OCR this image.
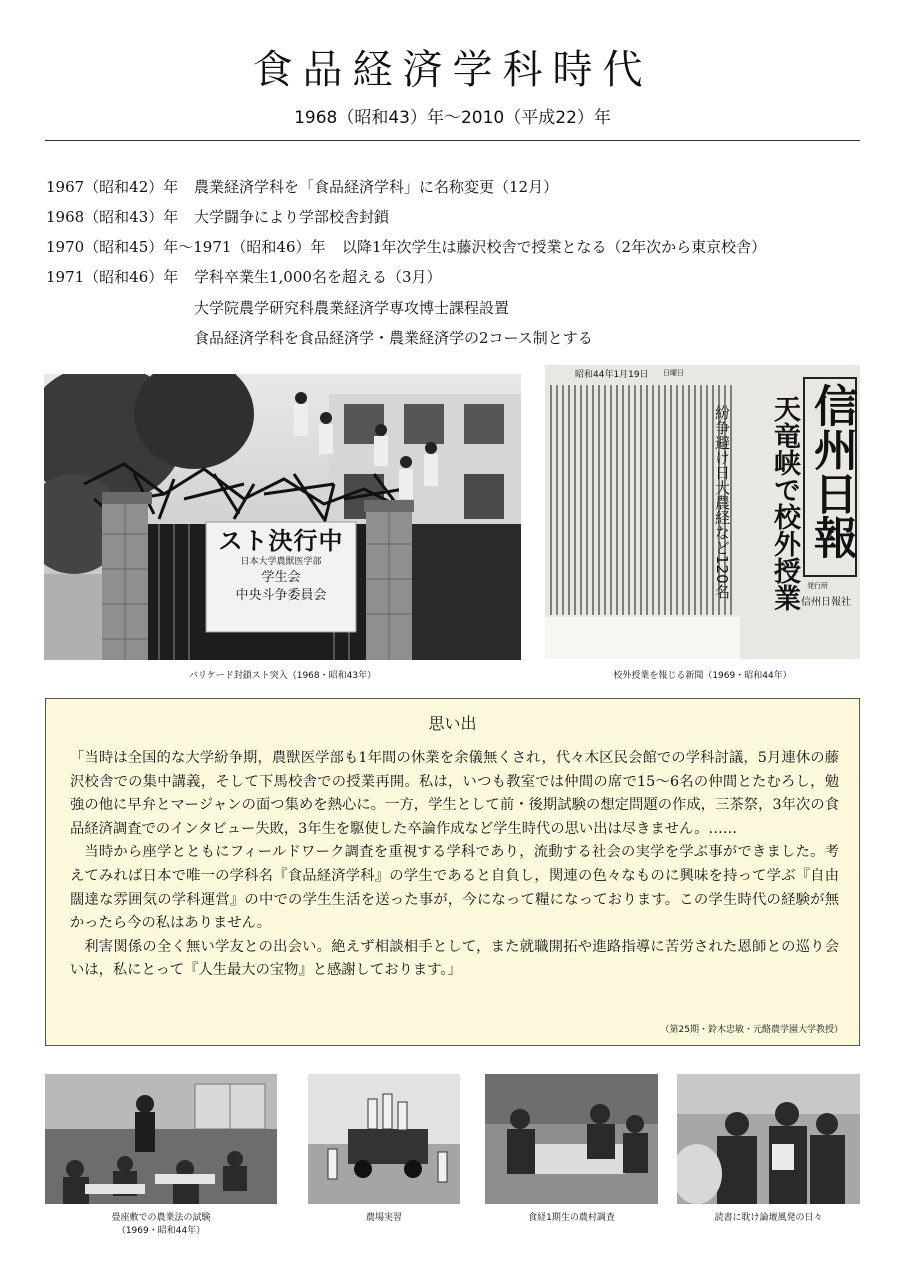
食品経済学科時代
1968（昭和43）年〜2010（平成22）年
1967（昭和42）年 農業経済学科を「食品経済学科」に名称変更（12月）
1968（昭和43）年 大学闘争により学部校舎封鎖
1970（昭和45）年〜1971（昭和46）年 以降1年次学生は藤沢校舎で授業となる（2年次から東京校舎）
1971（昭和46）年 学科卒業生1,000名を超える（3月）
大学院農学研究科農業経済学専攻博士課程設置
食品経済学科を食品経済学・農業経済学の2コース制とする
スト決行中
日本大学農獣医学部
学生会
中央斗争委員会
バリケード封鎖スト突入（1968・昭和43年）
昭和44年1月19日 日曜日
天竜峡で校外授業
紛争避け日大農経など120名 信州日報
発行所
信州日報社
校外授業を報じる新聞（1969・昭和44年）
思い出

「当時は全国的な大学紛争期，農獣医学部も1年間の休業を余儀無くされ，代々木区民会館での学科討議，5月連休の藤沢校舎での集中講義，そして下馬校舎での授業再開。私は，いつも教室では仲間の席で15〜6名の仲間とたむろし，勉強の他に早弁とマージャンの面つ集めを熱心に。一方，学生として前・後期試験の想定問題の作成，三茶祭，3年次の食品経済調査でのインタビュー失敗，3年生を駆使した卒論作成など学生時代の思い出は尽きません。……

当時から座学とともにフィールドワーク調査を重視する学科であり，流動する社会の実学を学ぶ事ができました。考えてみれば日本で唯一の学科名『食品経済学科』の学生であると自負し，関連の色々なものに興味を持って学ぶ『自由闊達な雰囲気の学科運営』の中での学生生活を送った事が，今になって糧になっております。この学生時代の経験が無かったら今の私はありません。

利害関係の全く無い学友との出会い。絶えず相談相手として，また就職開拓や進路指導に苦労された恩師との巡り会いは，私にとって『人生最大の宝物』と感謝しております。」

（第25期・鈴木忠敏・元酪農学園大学教授）
畳座敷での農業法の試験
（1969・昭和44年）
農場実習	食経1期生の農村調査	読書に耽け論壇風発の日々
